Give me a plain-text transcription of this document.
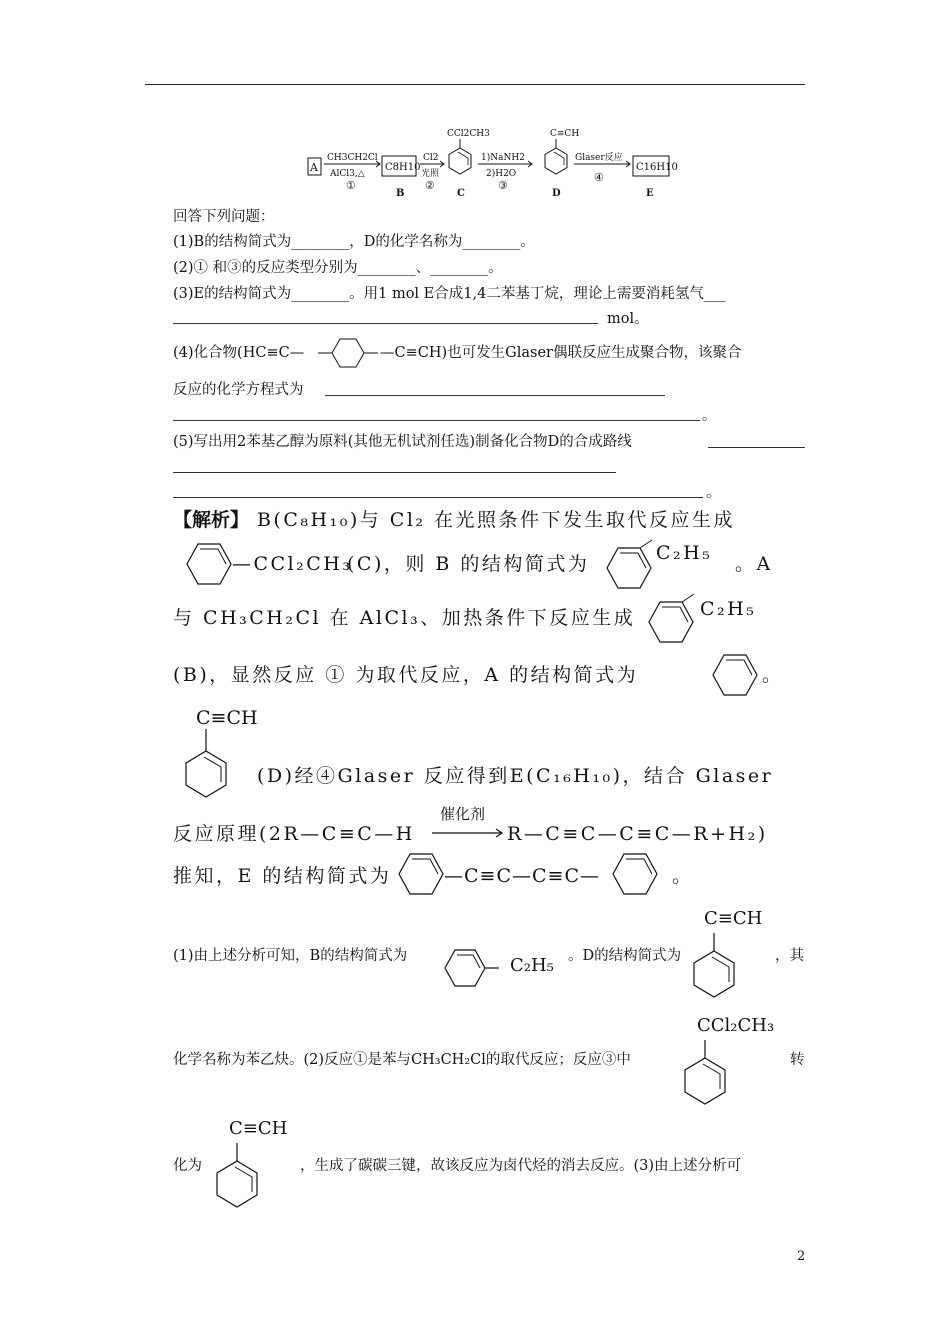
A
CH3CH2Cl
AlCl3,△
①
C8H10
B
Cl2
光照
②
CCl2CH3
C
1)NaNH2
2)H2O
③
C≡CH
D
Glaser反应
④
C16H10
E
回答下列问题：
(1)B的结构简式为________，D的化学名称为________。
(2)① 和③的反应类型分别为________、________。
(3)E的结构简式为________。用1 mol E合成1,4二苯基丁烷，理论上需要消耗氢气___
mol。
(4)化合物(HC≡C—	—C≡CH)也可发生Glaser偶联反应生成聚合物，该聚合
反应的化学方程式为
。
(5)写出用2苯基乙醇为原料(其他无机试剂任选)制备化合物D的合成路线
。
【解析】 B(C₈H₁₀)与 Cl₂ 在光照条件下发生取代反应生成
—CCl₂CH₃
(C)，则 B 的结构简式为	C₂H₅ 。A
与 CH₃CH₂Cl 在 AlCl₃、加热条件下反应生成	C₂H₅
(B)，显然反应 ① 为取代反应，A 的结构简式为	。
C≡CH
(D)经④Glaser 反应得到E(C₁₆H₁₀)，结合 Glaser
反应原理(2R—C≡C—H
催化剂
R—C≡C—C≡C—R+H₂)
推知，E 的结构简式为	—C≡C—C≡C—	。
(1)由上述分析可知，B的结构简式为	C₂H₅ 。D的结构简式为
C≡CH
，其
化学名称为苯乙炔。(2)反应①是苯与CH₃CH₂Cl的取代反应；反应③中
CCl₂CH₃
转
C≡CH
化为	，生成了碳碳三键，故该反应为卤代烃的消去反应。(3)由上述分析可
2
